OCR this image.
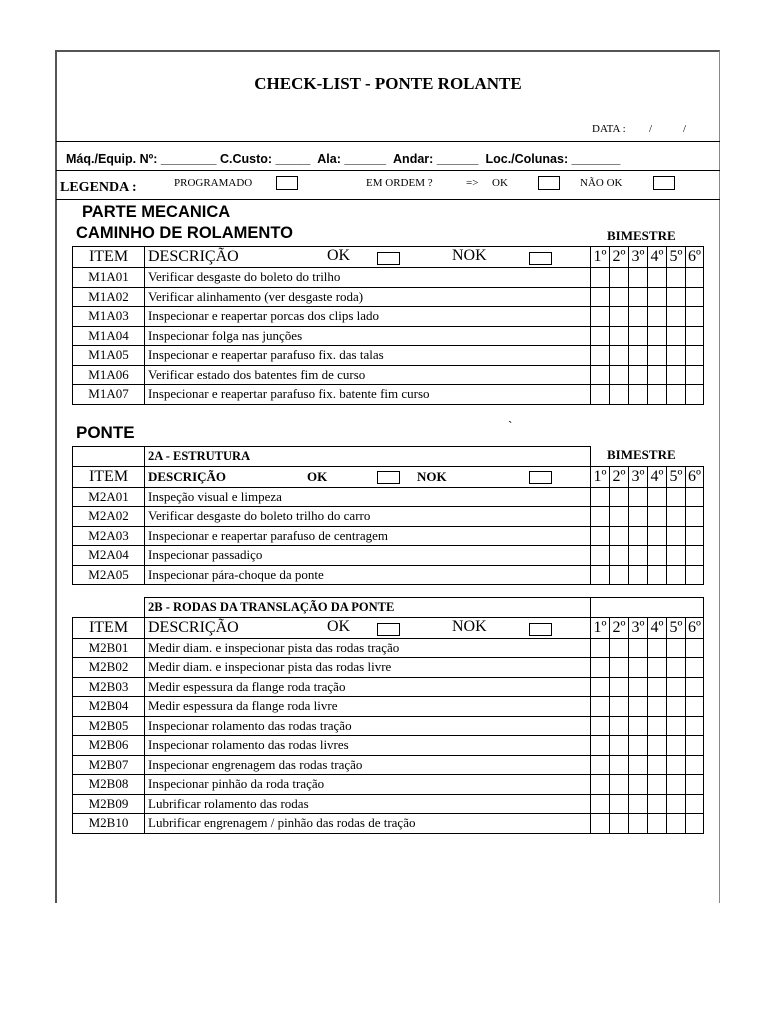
CHECK-LIST - PONTE ROLANTE
DATA : /	/
Máq./Equip. Nº: ________ C.Custo: _____ Ala: ______ Andar: ______ Loc./Colunas: _______
LEGENDA :	PROGRAMADO	EM ORDEM ?	=> OK	NÃO OK
PARTE MECANICA
CAMINHO DE ROLAMENTO	BIMESTRE
ITEM	DESCRIÇÃO OK NOK	1º	2º	3º	4º	5º	6º
M1A01	Verificar desgaste do boleto do trilho						
M1A02	Verificar alinhamento (ver desgaste roda)						
M1A03	Inspecionar e reapertar porcas dos clips lado						
M1A04	Inspecionar folga nas junções						
M1A05	Inspecionar e reapertar parafuso fix. das talas						
M1A06	Verificar estado dos batentes fim de curso						
M1A07	Inspecionar e reapertar parafuso fix. batente fim curso						
PONTE	`
BIMESTRE
	2A - ESTRUTURA						
ITEM	DESCRIÇÃO OK NOK	1º	2º	3º	4º	5º	6º
M2A01	Inspeção visual e limpeza						
M2A02	Verificar desgaste do boleto trilho do carro						
M2A03	Inspecionar e reapertar parafuso de centragem						
M2A04	Inspecionar passadiço						
M2A05	Inspecionar pára-choque da ponte						
	2B - RODAS DA TRANSLAÇÃO DA PONTE						
ITEM	DESCRIÇÃO OK NOK	1º	2º	3º	4º	5º	6º
M2B01	Medir diam. e inspecionar pista das rodas tração						
M2B02	Medir diam. e inspecionar pista das rodas livre						
M2B03	Medir espessura da flange roda tração						
M2B04	Medir espessura da flange roda livre						
M2B05	Inspecionar rolamento das rodas tração						
M2B06	Inspecionar rolamento das rodas livres						
M2B07	Inspecionar engrenagem das rodas tração						
M2B08	Inspecionar pinhão da roda tração						
M2B09	Lubrificar rolamento das rodas						
M2B10	Lubrificar engrenagem / pinhão das rodas de tração						
